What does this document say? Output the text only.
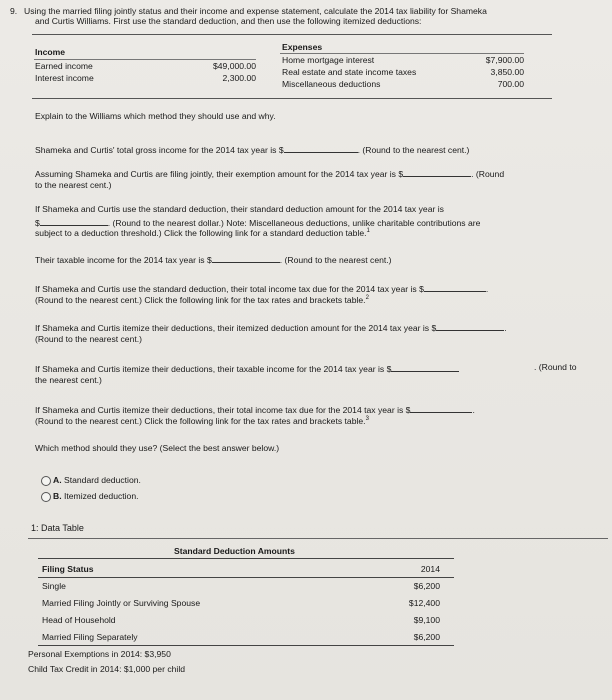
9. Using the married filing jointly status and their income and expense statement, calculate the 2014 tax liability for Shameka
and Curtis Williams. First use the standard deduction, and then use the following itemized deductions:
Income
Earned income	$49,000.00
Interest income	2,300.00
Expenses
Home mortgage interest	$7,900.00
Real estate and state income taxes	3,850.00
Miscellaneous deductions	700.00
Explain to the Williams which method they should use and why.
Shameka and Curtis' total gross income for the 2014 tax year is $	. (Round to the nearest cent.)
Assuming Shameka and Curtis are filing jointly, their exemption amount for the 2014 tax year is $	. (Round
to the nearest cent.)
If Shameka and Curtis use the standard deduction, their standard deduction amount for the 2014 tax year is
$	. (Round to the nearest dollar.) Note: Miscellaneous deductions, unlike charitable contributions are
subject to a deduction threshold.) Click the following link for a standard deduction table.$^1$
Their taxable income for the 2014 tax year is $	. (Round to the nearest cent.)
If Shameka and Curtis use the standard deduction, their total income tax due for the 2014 tax year is $	.
(Round to the nearest cent.) Click the following link for the tax rates and brackets table.$^2$
If Shameka and Curtis itemize their deductions, their itemized deduction amount for the 2014 tax year is $	.
(Round to the nearest cent.)
If Shameka and Curtis itemize their deductions, their taxable income for the 2014 tax year is $	. (Round to
the nearest cent.)
If Shameka and Curtis itemize their deductions, their total income tax due for the 2014 tax year is $	.
(Round to the nearest cent.) Click the following link for the tax rates and brackets table.$^3$
Which method should they use? (Select the best answer below.)
A. Standard deduction.
B. Itemized deduction.
1: Data Table
Standard Deduction Amounts
Filing Status	2014
Single	$6,200
Married Filing Jointly or Surviving Spouse	$12,400
Head of Household	$9,100
Married Filing Separately	$6,200
Personal Exemptions in 2014: $3,950
Child Tax Credit in 2014: $1,000 per child
